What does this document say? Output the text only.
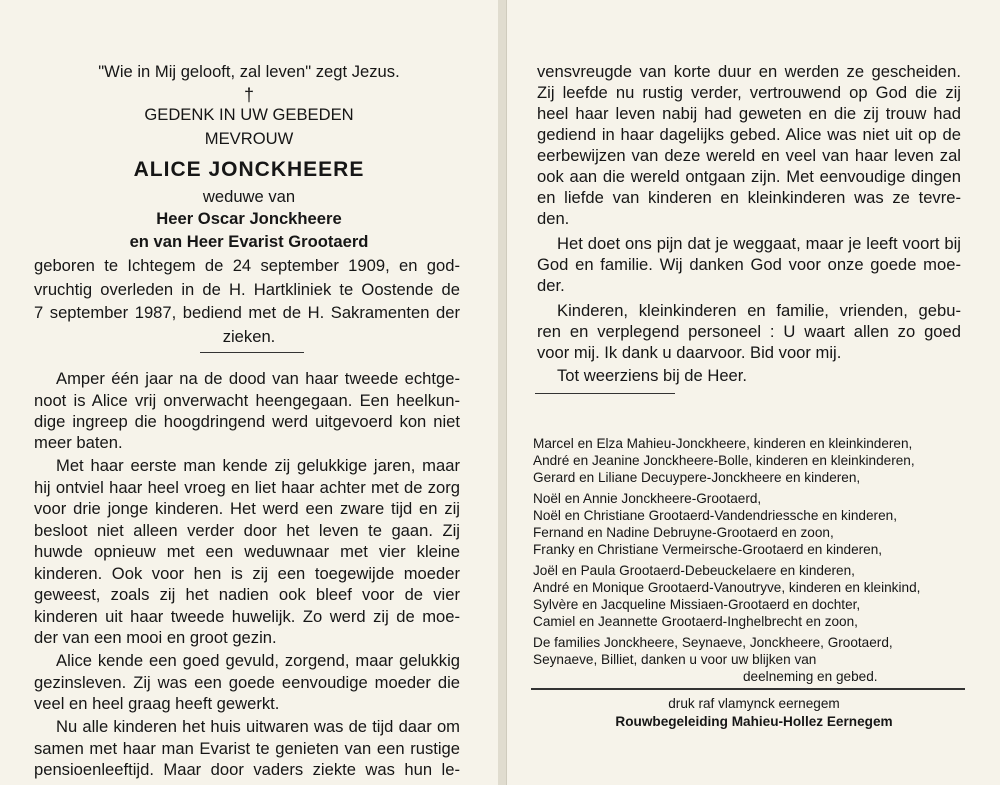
"Wie in Mij gelooft, zal leven" zegt Jezus.
†
GEDENK IN UW GEBEDEN
MEVROUW
ALICE JONCKHEERE
weduwe van
Heer Oscar Jonckheere
en van Heer Evarist Grootaerd
geboren te Ichtegem de 24 september 1909, en god-
vruchtig overleden in de H. Hartkliniek te Oostende de
7 september 1987, bediend met de H. Sakramenten der
zieken.
Amper één jaar na de dood van haar tweede echtge-
noot is Alice vrij onverwacht heengegaan. Een heelkun-
dige ingreep die hoogdringend werd uitgevoerd kon niet
meer baten.
Met haar eerste man kende zij gelukkige jaren, maar
hij ontviel haar heel vroeg en liet haar achter met de zorg
voor drie jonge kinderen. Het werd een zware tijd en zij
besloot niet alleen verder door het leven te gaan. Zij
huwde opnieuw met een weduwnaar met vier kleine
kinderen. Ook voor hen is zij een toegewijde moeder
geweest, zoals zij het nadien ook bleef voor de vier
kinderen uit haar tweede huwelijk. Zo werd zij de moe-
der van een mooi en groot gezin.
Alice kende een goed gevuld, zorgend, maar gelukkig
gezinsleven. Zij was een goede eenvoudige moeder die
veel en heel graag heeft gewerkt.
Nu alle kinderen het huis uitwaren was de tijd daar om
samen met haar man Evarist te genieten van een rustige
pensioenleeftijd. Maar door vaders ziekte was hun le-
vensvreugde van korte duur en werden ze gescheiden.
Zij leefde nu rustig verder, vertrouwend op God die zij
heel haar leven nabij had geweten en die zij trouw had
gediend in haar dagelijks gebed. Alice was niet uit op de
eerbewijzen van deze wereld en veel van haar leven zal
ook aan die wereld ontgaan zijn. Met eenvoudige dingen
en liefde van kinderen en kleinkinderen was ze tevre-
den.
Het doet ons pijn dat je weggaat, maar je leeft voort bij
God en familie. Wij danken God voor onze goede moe-
der.
Kinderen, kleinkinderen en familie, vrienden, gebu-
ren en verplegend personeel : U waart allen zo goed
voor mij. Ik dank u daarvoor. Bid voor mij.
Tot weerziens bij de Heer.
Marcel en Elza Mahieu-Jonckheere, kinderen en kleinkinderen,
André en Jeanine Jonckheere-Bolle, kinderen en kleinkinderen,
Gerard en Liliane Decuypere-Jonckheere en kinderen,
Noël en Annie Jonckheere-Grootaerd,
Noël en Christiane Grootaerd-Vandendriessche en kinderen,
Fernand en Nadine Debruyne-Grootaerd en zoon,
Franky en Christiane Vermeirsche-Grootaerd en kinderen,
Joël en Paula Grootaerd-Debeuckelaere en kinderen,
André en Monique Grootaerd-Vanoutryve, kinderen en kleinkind,
Sylvère en Jacqueline Missiaen-Grootaerd en dochter,
Camiel en Jeannette Grootaerd-Inghelbrecht en zoon,
De families Jonckheere, Seynaeve, Jonckheere, Grootaerd,
Seynaeve, Billiet, danken u voor uw blijken van
deelneming en gebed.
druk raf vlamynck eernegem
Rouwbegeleiding Mahieu-Hollez Eernegem
